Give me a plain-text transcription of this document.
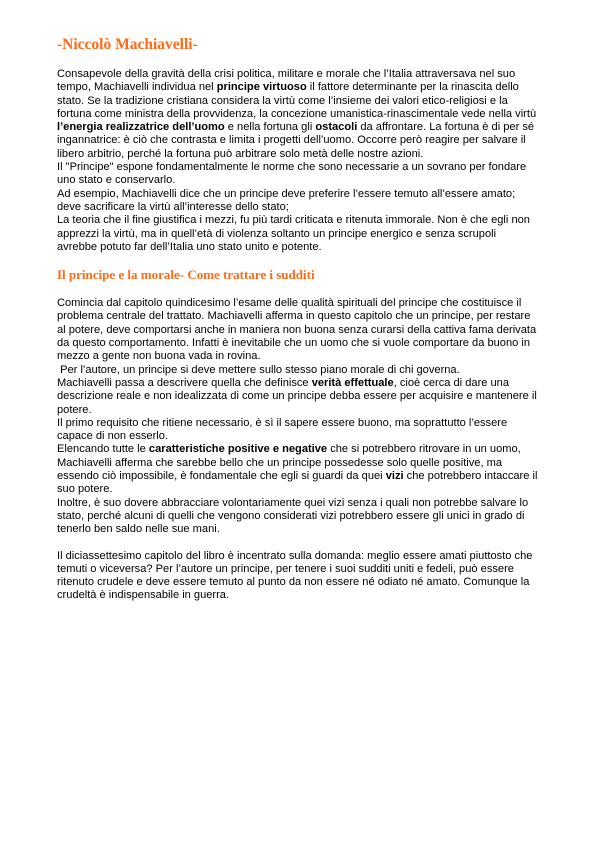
-Niccolò Machiavelli-

Consapevole della gravità della crisi politica, militare e morale che l’Italia attraversava nel suo tempo, Machiavelli individua nel principe virtuoso il fattore determinante per la rinascita dello stato. Se la tradizione cristiana considera la virtù come l’insieme dei valori etico-religiosi e la fortuna come ministra della provvidenza, la concezione umanistica-rinascimentale vede nella virtù l’energia realizzatrice dell’uomo e nella fortuna gli ostacoli da affrontare. La fortuna è di per sé ingannatrice: è ciò che contrasta e limita i progetti dell’uomo. Occorre però reagire per salvare il libero arbitrio, perché la fortuna può arbitrare solo metà delle nostre azioni.

Il "Principe" espone fondamentalmente le norme che sono necessarie a un sovrano per fondare uno stato e conservarlo.

Ad esempio, Machiavelli dice che un principe deve preferire l’essere temuto all’essere amato; deve sacrificare la virtù all’interesse dello stato;

La teoria che il fine giustifica i mezzi, fu più tardi criticata e ritenuta immorale. Non è che egli non apprezzi la virtù, ma in quell’età di violenza soltanto un principe energico e senza scrupoli avrebbe potuto far dell’Italia uno stato unito e potente.

Il principe e la morale- Come trattare i sudditi

Comincia dal capitolo quindicesimo l’esame delle qualità spirituali del principe che costituisce il problema centrale del trattato. Machiavelli afferma in questo capitolo che un principe, per restare al potere, deve comportarsi anche in maniera non buona senza curarsi della cattiva fama derivata da questo comportamento. Infatti è inevitabile che un uomo che si vuole comportare da buono in mezzo a gente non buona vada in rovina.

Per l’autore, un principe si deve mettere sullo stesso piano morale di chi governa.

Machiavelli passa a descrivere quella che definisce verità effettuale, cioè cerca di dare una descrizione reale e non idealizzata di come un principe debba essere per acquisire e mantenere il potere.

Il primo requisito che ritiene necessario, è sì il sapere essere buono, ma soprattutto l’essere capace di non esserlo.

Elencando tutte le caratteristiche positive e negative che si potrebbero ritrovare in un uomo, Machiavelli afferma che sarebbe bello che un principe possedesse solo quelle positive, ma essendo ciò impossibile, è fondamentale che egli si guardi da quei vizi che potrebbero intaccare il suo potere.

Inoltre, è suo dovere abbracciare volontariamente quei vizi senza i quali non potrebbe salvare lo stato, perché alcuni di quelli che vengono considerati vizi potrebbero essere gli unici in grado di tenerlo ben saldo nelle sue mani.

Il diciassettesimo capitolo del libro è incentrato sulla domanda: meglio essere amati piuttosto che temuti o viceversa? Per l’autore un principe, per tenere i suoi sudditi uniti e fedeli, può essere ritenuto crudele e deve essere temuto al punto da non essere né odiato né amato. Comunque la crudeltà è indispensabile in guerra.
